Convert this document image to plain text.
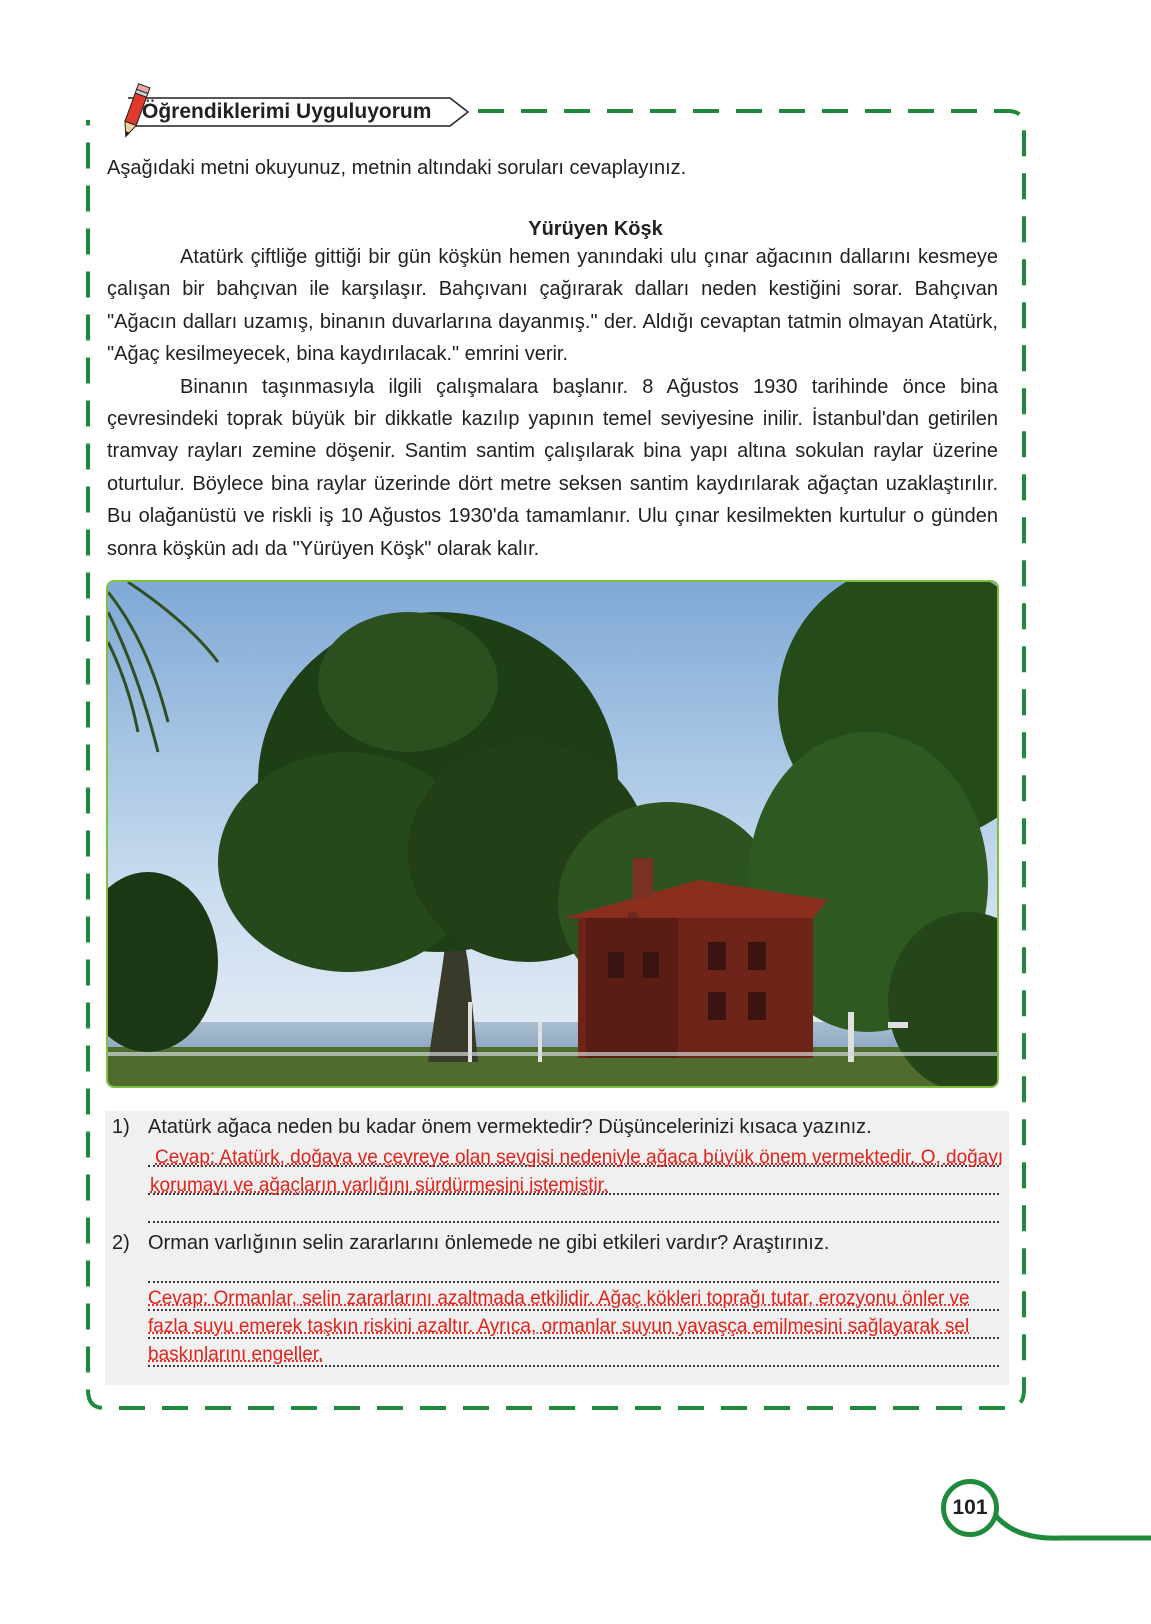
Öğrendiklerimi Uyguluyorum
Aşağıdaki metni okuyunuz, metnin altındaki soruları cevaplayınız.
Yürüyen Köşk

Atatürk çiftliğe gittiği bir gün köşkün hemen yanındaki ulu çınar ağacının dallarını kesmeye çalışan bir bahçıvan ile karşılaşır. Bahçıvanı çağırarak dalları neden kestiğini sorar. Bahçıvan "Ağacın dalları uzamış, binanın duvarlarına dayanmış." der. Aldığı cevaptan tatmin olmayan Atatürk, "Ağaç kesilmeyecek, bina kaydırılacak." emrini verir.

Binanın taşınmasıyla ilgili çalışmalara başlanır. 8 Ağustos 1930 tarihinde önce bina çevresindeki toprak büyük bir dikkatle kazılıp yapının temel seviyesine inilir. İstanbul'dan getirilen tramvay rayları zemine döşenir. Santim santim çalışılarak bina yapı altına sokulan raylar üzerine oturtulur. Böylece bina raylar üzerinde dört metre seksen santim kaydırılarak ağaçtan uzaklaştırılır. Bu olağanüstü ve riskli iş 10 Ağustos 1930'da tamamlanır. Ulu çınar kesilmekten kurtulur o günden sonra köşkün adı da "Yürüyen Köşk" olarak kalır.

1) Atatürk ağaca neden bu kadar önem vermektedir? Düşüncelerinizi kısaca yazınız.
Cevap: Atatürk, doğaya ve çevreye olan sevgisi nedeniyle ağaca büyük önem vermektedir. O, doğayı
korumayı ve ağaçların varlığını sürdürmesini istemiştir.
2) Orman varlığının selin zararlarını önlemede ne gibi etkileri vardır? Araştırınız.
Cevap: Ormanlar, selin zararlarını azaltmada etkilidir. Ağaç kökleri toprağı tutar, erozyonu önler ve
fazla suyu emerek taşkın riskini azaltır. Ayrıca, ormanlar suyun yavaşça emilmesini sağlayarak sel
baskınlarını engeller.
101
